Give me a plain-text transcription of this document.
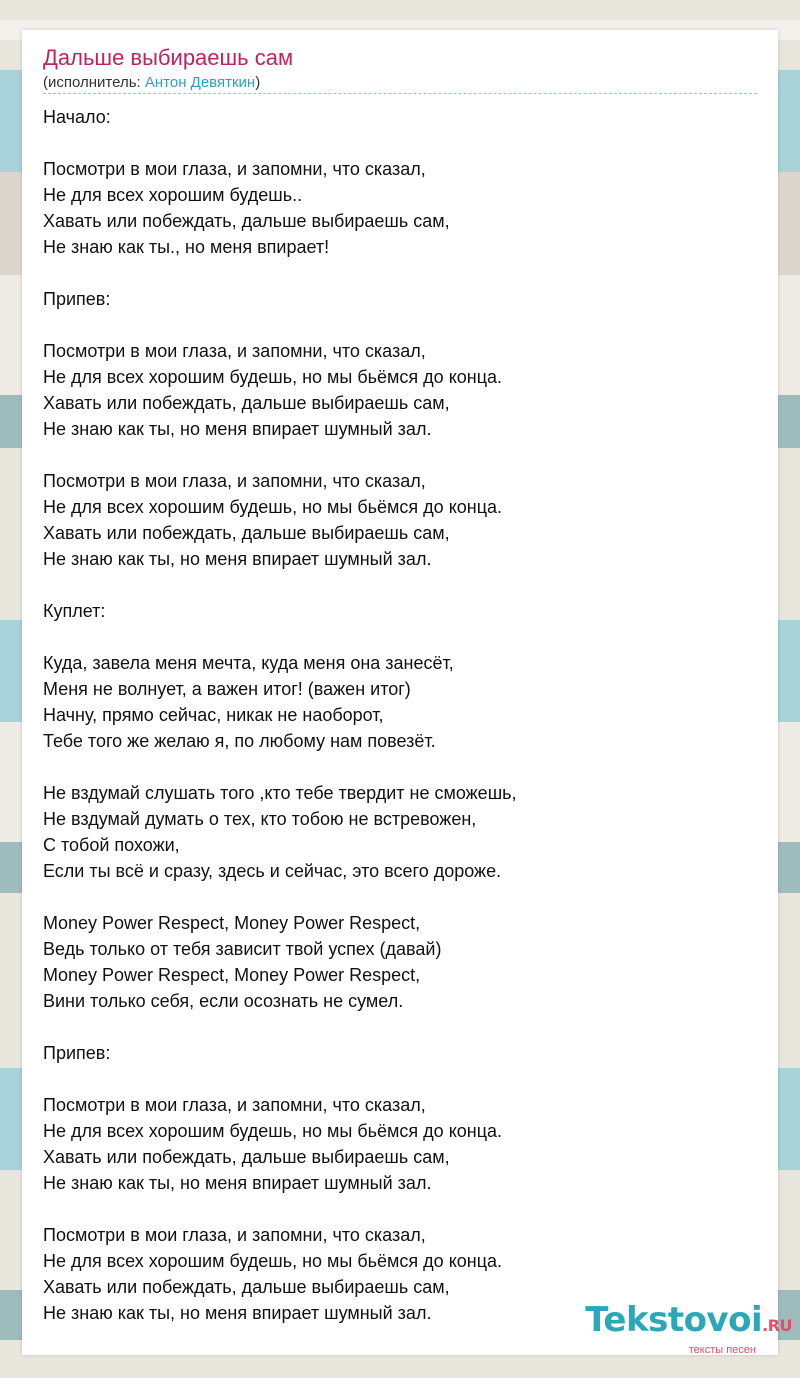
Дальше выбираешь сам
(исполнитель: Антон Девяткин)
Начало:
Посмотри в мои глаза, и запомни, что сказал,
Не для всех хорошим будешь..
Хавать или побеждать, дальше выбираешь сам,
Не знаю как ты., но меня впирает!
Припев:
Посмотри в мои глаза, и запомни, что сказал,
Не для всех хорошим будешь, но мы бьёмся до конца.
Хавать или побеждать, дальше выбираешь сам,
Не знаю как ты, но меня впирает шумный зал.
Посмотри в мои глаза, и запомни, что сказал,
Не для всех хорошим будешь, но мы бьёмся до конца.
Хавать или побеждать, дальше выбираешь сам,
Не знаю как ты, но меня впирает шумный зал.
Куплет:
Куда, завела меня мечта, куда меня она занесёт,
Меня не волнует, а важен итог! (важен итог)
Начну, прямо сейчас, никак не наоборот,
Тебе того же желаю я, по любому нам повезёт.
Не вздумай слушать того ,кто тебе твердит не сможешь,
Не вздумай думать о тех, кто тобою не встревожен,
С тобой похожи,
Если ты всё и сразу, здесь и сейчас, это всего дороже.
Money Power Respect, Money Power Respect,
Ведь только от тебя зависит твой успех (давай)
Money Power Respect, Money Power Respect,
Вини только себя, если осознать не сумел.
Припев:
Посмотри в мои глаза, и запомни, что сказал,
Не для всех хорошим будешь, но мы бьёмся до конца.
Хавать или побеждать, дальше выбираешь сам,
Не знаю как ты, но меня впирает шумный зал.
Посмотри в мои глаза, и запомни, что сказал,
Не для всех хорошим будешь, но мы бьёмся до конца.
Хавать или побеждать, дальше выбираешь сам,
Не знаю как ты, но меня впирает шумный зал.	Tekstovoi.RU
тексты песен
